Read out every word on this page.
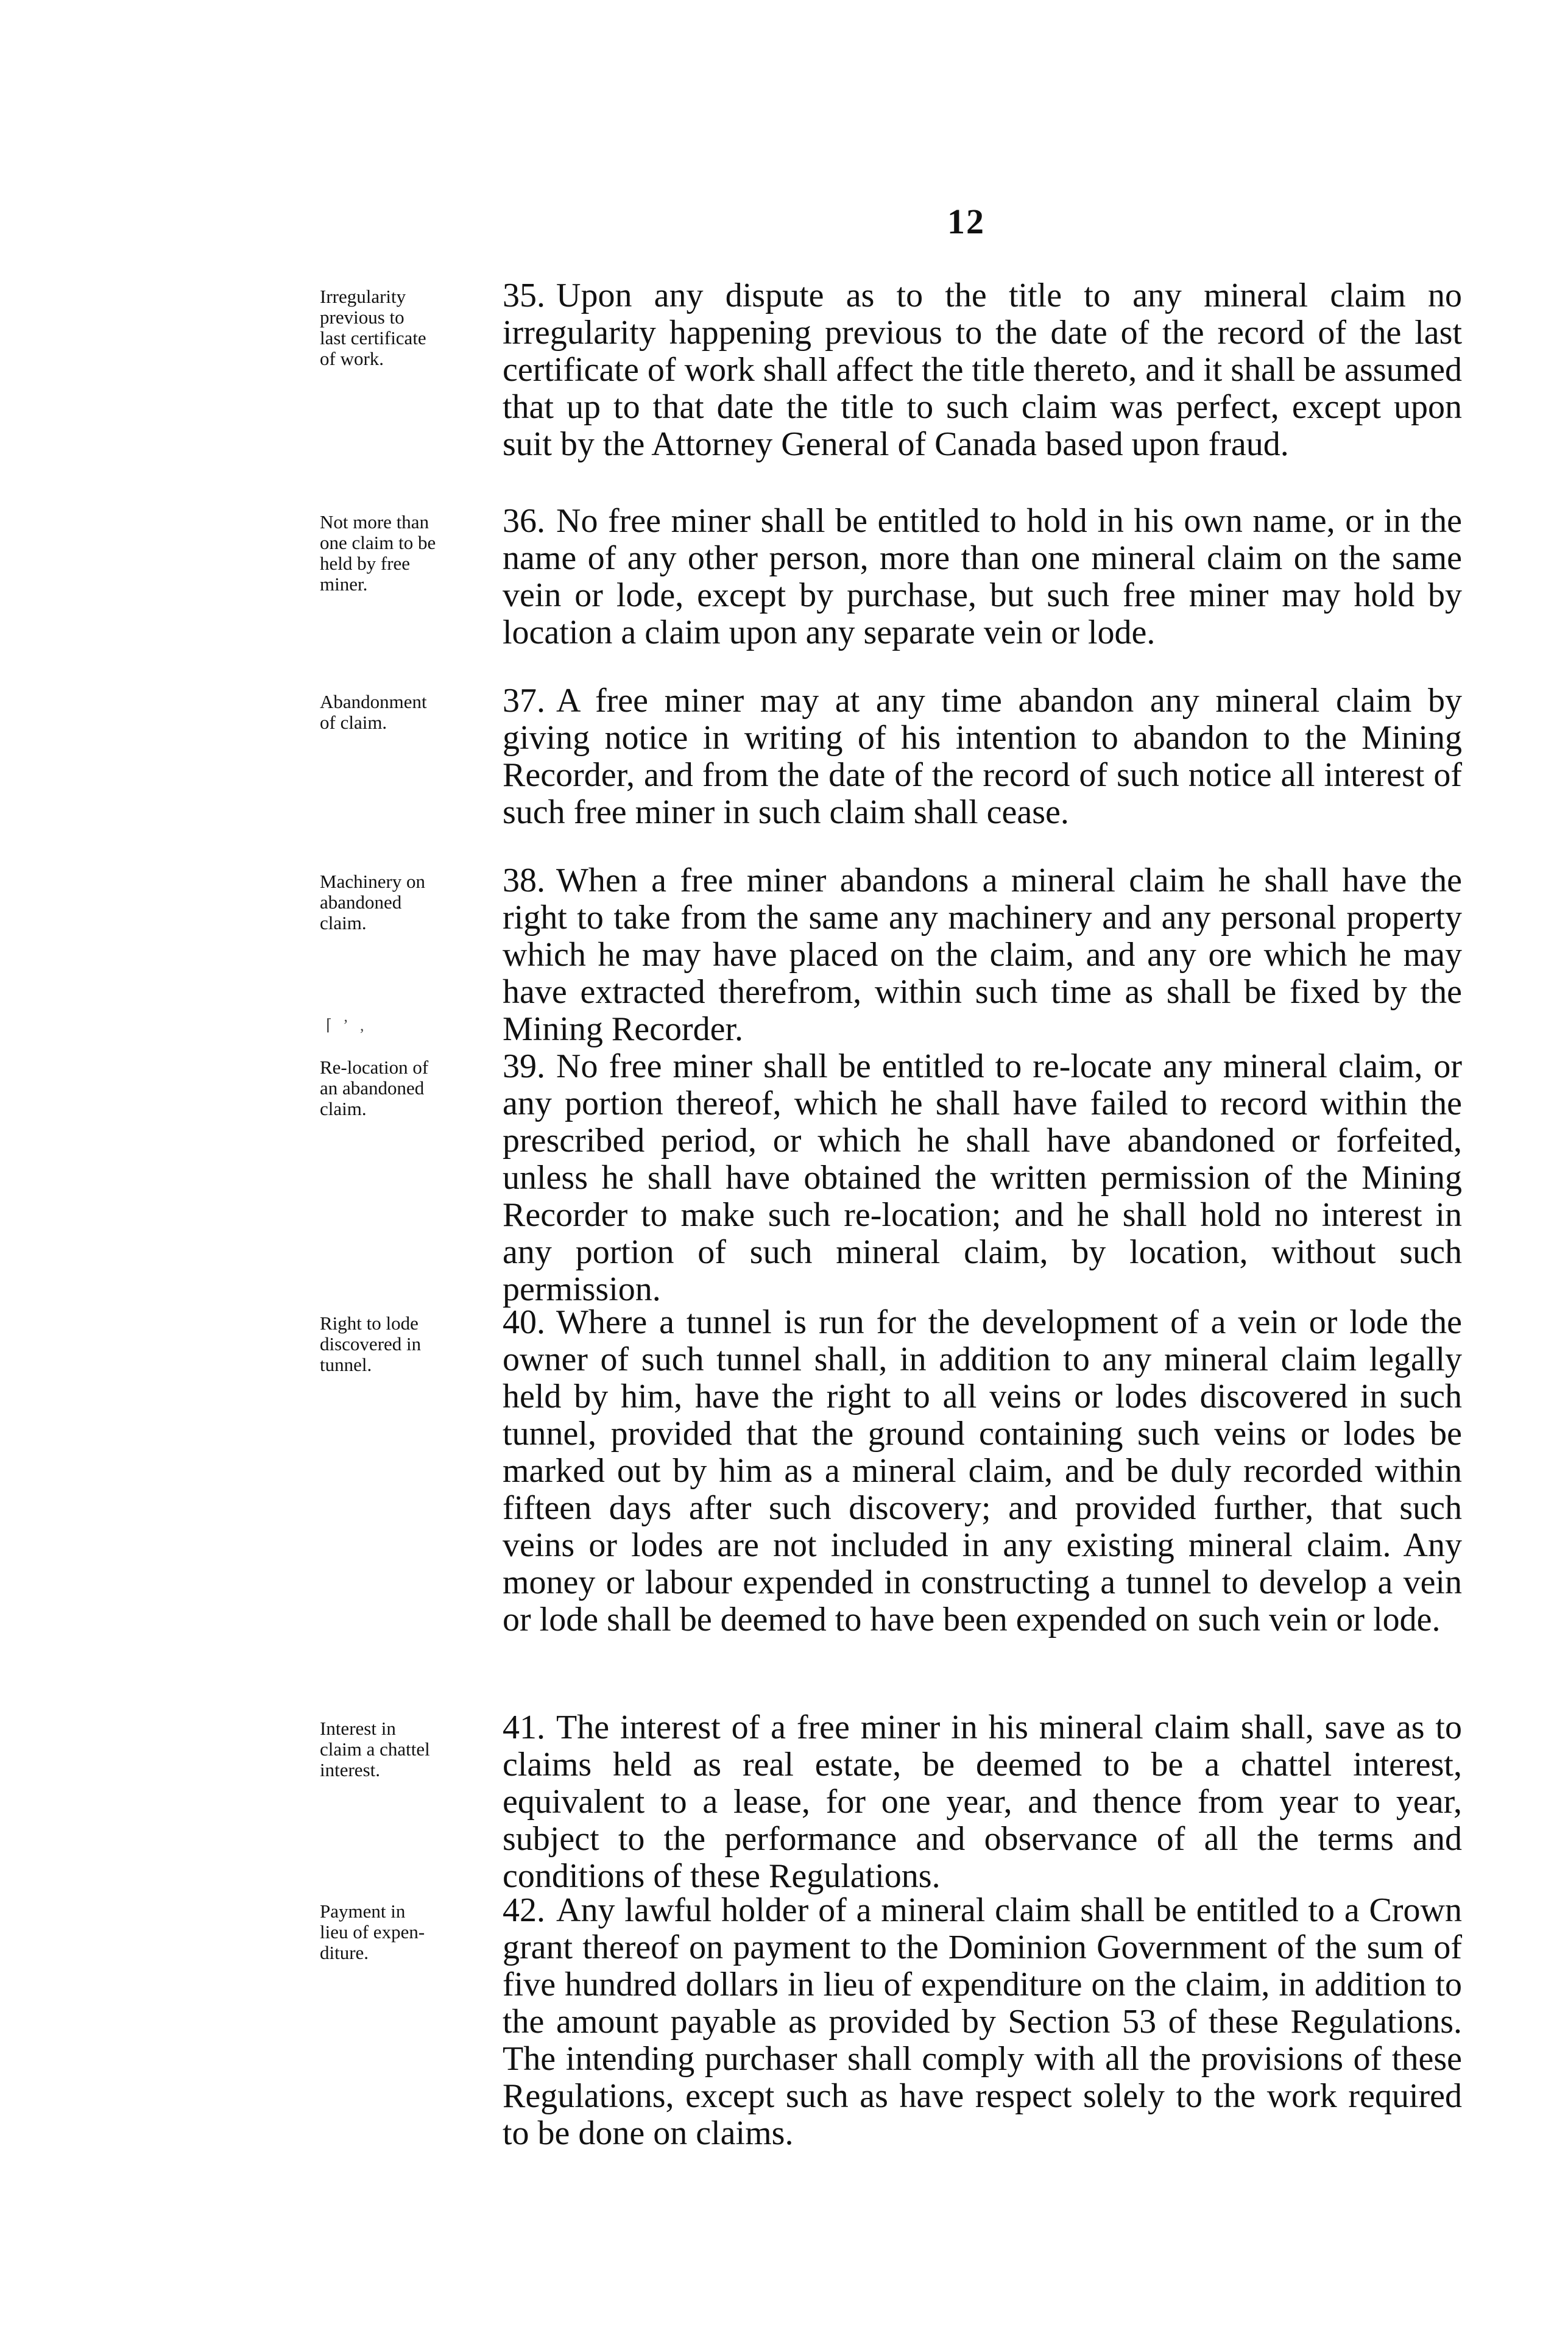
12
Irregularity
previous to
last certificate
of work.
35. Upon any dispute as to the title to any mineral claim no irregularity happening previous to the date of the record of the last certificate of work shall affect the title thereto, and it shall be assumed that up to that date the title to such claim was perfect, except upon suit by the Attorney General of Canada based upon fraud.
Not more than
one claim to be
held by free
miner.
36. No free miner shall be entitled to hold in his own name, or in the name of any other person, more than one mineral claim on the same vein or lode, except by purchase, but such free miner may hold by location a claim upon any separate vein or lode.
Abandonment
of claim.
37. A free miner may at any time abandon any mineral claim by giving notice in writing of his intention to abandon to the Mining Recorder, and from the date of the record of such notice all interest of such free miner in such claim shall cease.
Machinery on
abandoned
claim.
38. When a free miner abandons a mineral claim he shall have the right to take from the same any machinery and any personal property which he may have placed on the claim, and any ore which he may have extracted therefrom, within such time as shall be fixed by the Mining Recorder.
⌈’‚
Re-location of
an abandoned
claim.
39. No free miner shall be entitled to re-locate any mineral claim, or any portion thereof, which he shall have failed to record within the prescribed period, or which he shall have abandoned or forfeited, unless he shall have obtained the written permission of the Mining Recorder to make such re-location; and he shall hold no interest in any portion of such mineral claim, by location, without such permission.
Right to lode
discovered in
tunnel.
40. Where a tunnel is run for the development of a vein or lode the owner of such tunnel shall, in addition to any mineral claim legally held by him, have the right to all veins or lodes discovered in such tunnel, provided that the ground containing such veins or lodes be marked out by him as a mineral claim, and be duly recorded within fifteen days after such discovery; and provided further, that such veins or lodes are not included in any existing mineral claim. Any money or labour expended in constructing a tunnel to develop a vein or lode shall be deemed to have been expended on such vein or lode.
Interest in
claim a chattel
interest.
41. The interest of a free miner in his mineral claim shall, save as to claims held as real estate, be deemed to be a chattel interest, equivalent to a lease, for one year, and thence from year to year, subject to the performance and observance of all the terms and conditions of these Regulations.
Payment in
lieu of expen-
diture.
42. Any lawful holder of a mineral claim shall be entitled to a Crown grant thereof on payment to the Dominion Government of the sum of five hundred dollars in lieu of expenditure on the claim, in addition to the amount payable as provided by Section 53 of these Regulations. The intending purchaser shall comply with all the provisions of these Regulations, except such as have respect solely to the work required to be done on claims.
